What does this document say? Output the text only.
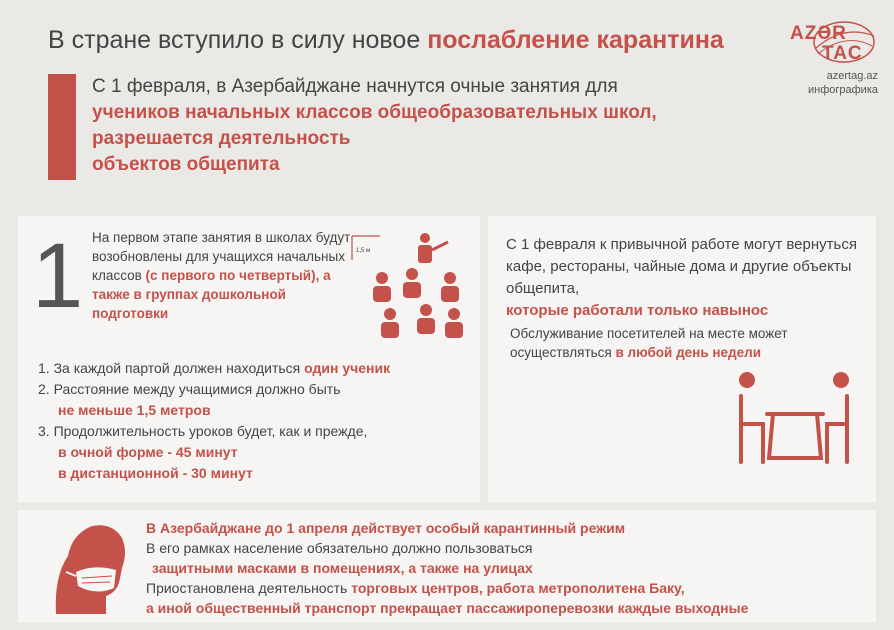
В стране вступило в силу новое послабление карантина	AZƏR
TAC
azertag.az
инфографика
С 1 февраля, в Азербайджане начнутся очные занятия для
учеников начальных классов общеобразовательных школ,
разрешается деятельность
объектов общепита
1 На первом этапе занятия в школах будут возобновлены для учащихся начальных классов (с первого по четвертый), а также в группах дошкольной подготовки
1,5 м
1. За каждой партой должен находиться один ученик
2. Расстояние между учащимися должно быть
не меньше 1,5 метров
3. Продолжительность уроков будет, как и прежде,
в очной форме - 45 минут
в дистанционной - 30 минут
С 1 февраля к привычной работе могут вернуться кафе, рестораны, чайные дома и другие объекты общепита,
которые работали только навынос
Обслуживание посетителей на месте может осуществляться в любой день недели
В Азербайджане до 1 апреля действует особый карантинный режим
В его рамках население обязательно должно пользоваться
защитными масками в помещениях, а также на улицах
Приостановлена деятельность торговых центров, работа метрополитена Баку,
а иной общественный транспорт прекращает пассажироперевозки каждые выходные
